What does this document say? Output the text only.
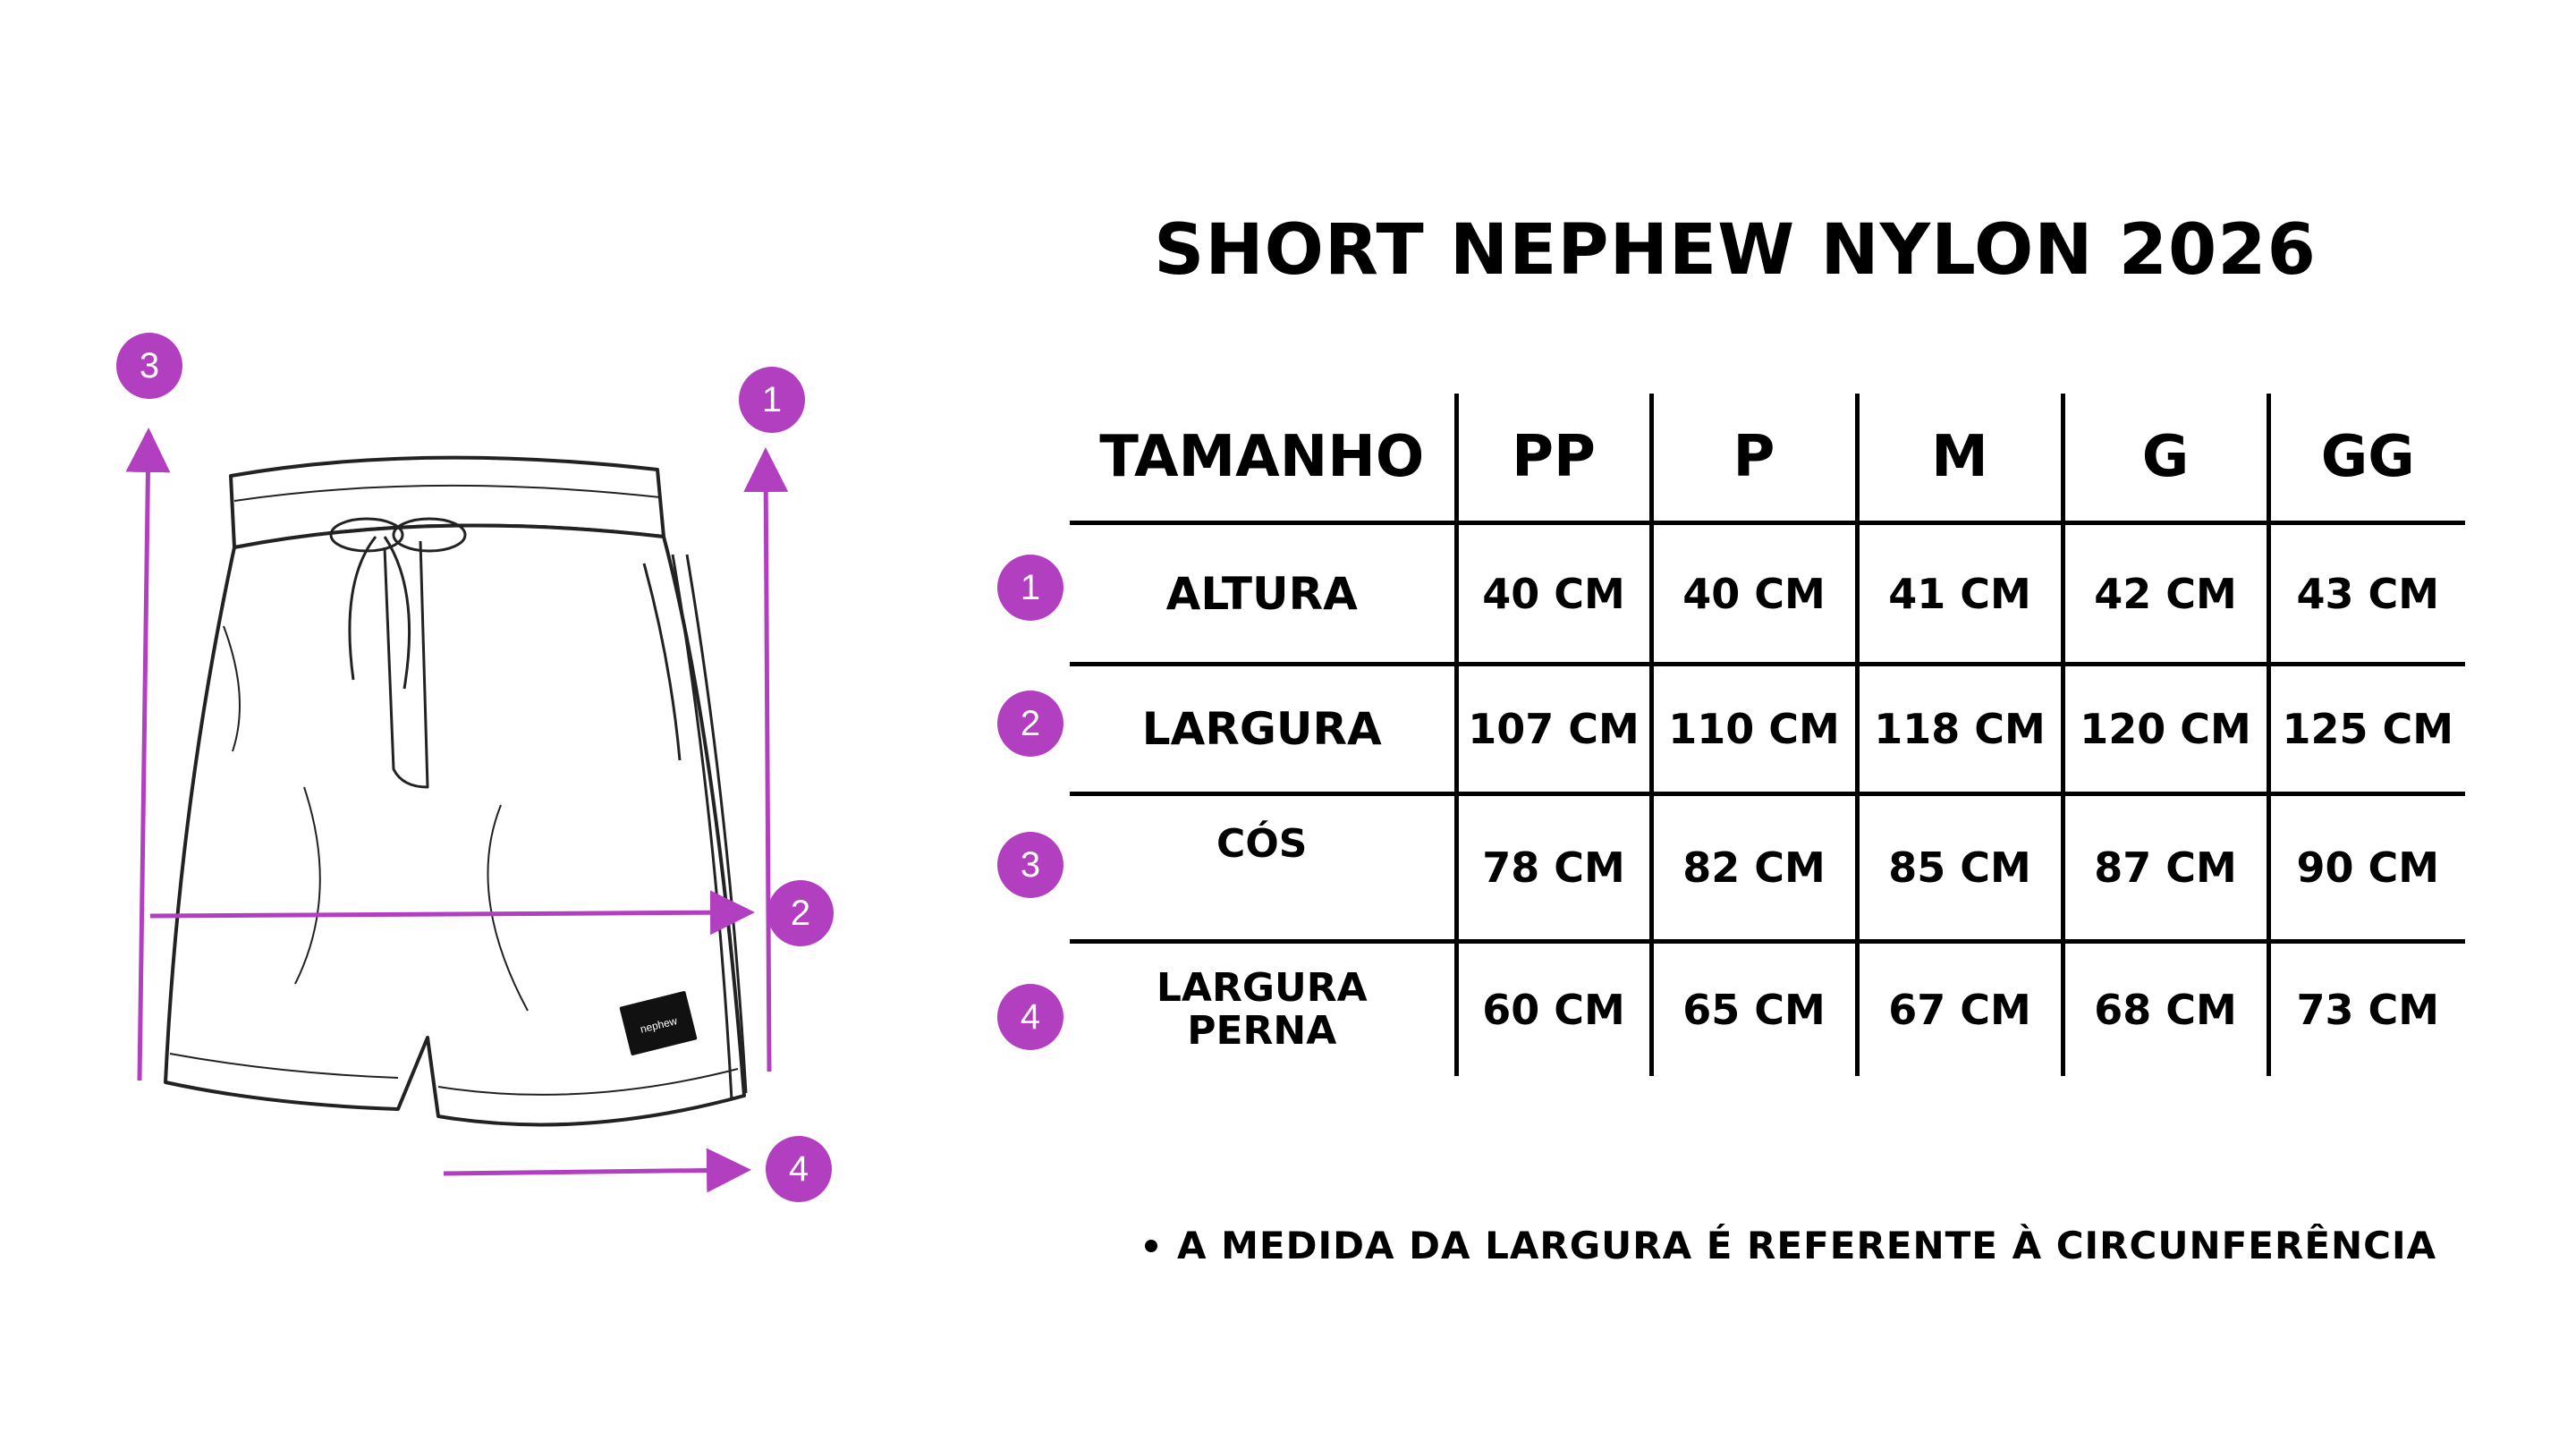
nephew
3
1
2
4
SHORT NEPHEW NYLON 2026
TAMANHO	PP	P	M	G	GG
ALTURA	40 CM	40 CM	41 CM	42 CM	43 CM
LARGURA	107 CM	110 CM	118 CM	120 CM	125 CM
CÓS	78 CM	82 CM	85 CM	87 CM	90 CM

LARGURA
PERNA	60 CM	65 CM	67 CM	68 CM	73 CM
1
2
3
4
A MEDIDA DA LARGURA É REFERENTE À CIRCUNFERÊNCIA
